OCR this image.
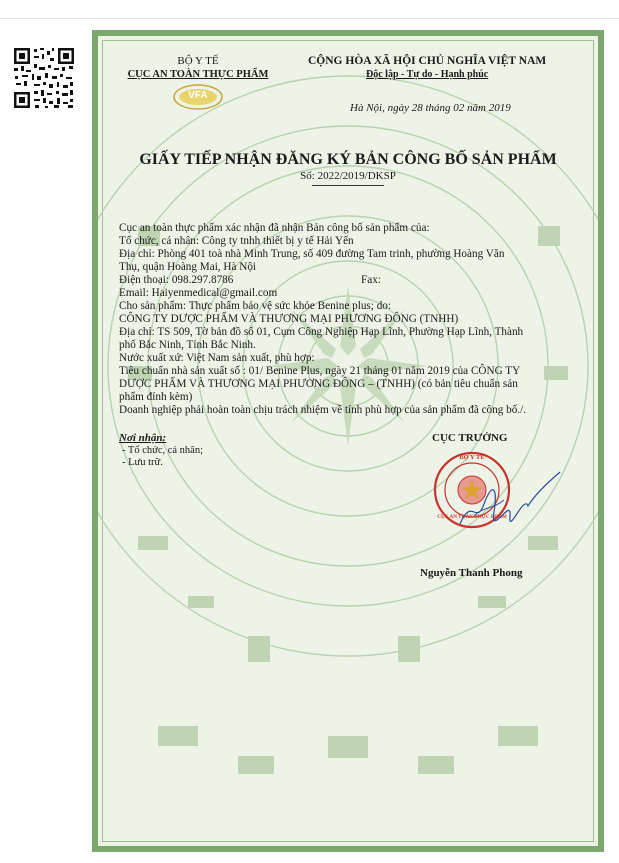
BỘ Y TẾ
CỤC AN TOÀN THỰC PHẨM
VFA
CỘNG HÒA XÃ HỘI CHỦ NGHĨA VIỆT NAM
Độc lập - Tự do - Hạnh phúc
Hà Nội, ngày 28 tháng 02 năm 2019
GIẤY TIẾP NHẬN ĐĂNG KÝ BẢN CÔNG BỐ SẢN PHẨM
Số: 2022/2019/DKSP
Cục an toàn thực phẩm xác nhận đã nhận Bản công bố sản phẩm của:
Tổ chức, cá nhân: Công ty tnhh thiết bị y tế Hải Yến
Địa chỉ: Phòng 401 toà nhà Minh Trung, số 409 đường Tam trinh, phường Hoàng Văn
Thụ, quận Hoàng Mai, Hà Nội
Điện thoại: 098.297.8786	Fax:
Email: Haiyenmedical@gmail.com
Cho sản phẩm: Thực phẩm bảo vệ sức khỏe Benine plus; do:
CÔNG TY DƯỢC PHẨM VÀ THƯƠNG MẠI PHƯƠNG ĐÔNG (TNHH)
Địa chỉ: TS 509, Tờ bản đồ số 01, Cụm Công Nghiệp Hạp Lĩnh, Phường Hạp Lĩnh, Thành
phố Bắc Ninh, Tỉnh Bắc Ninh.
Nước xuất xứ: Việt Nam sản xuất, phù hợp:
Tiêu chuẩn nhà sản xuất số : 01/ Benine Plus, ngày 21 tháng 01 năm 2019 của CÔNG TY
DƯỢC PHẨM VÀ THƯƠNG MẠI PHƯƠNG ĐÔNG – (TNHH) (có bản tiêu chuẩn sản
phẩm đính kèm)
Doanh nghiệp phải hoàn toàn chịu trách nhiệm về tính phù hợp của sản phẩm đã công bố./.
Nơi nhận:
- Tổ chức, cá nhân;
- Lưu trữ.
CỤC TRƯỞNG
BỘ Y TẾ
CỤC AN TOÀN THỰC PHẨM
Nguyễn Thanh Phong
